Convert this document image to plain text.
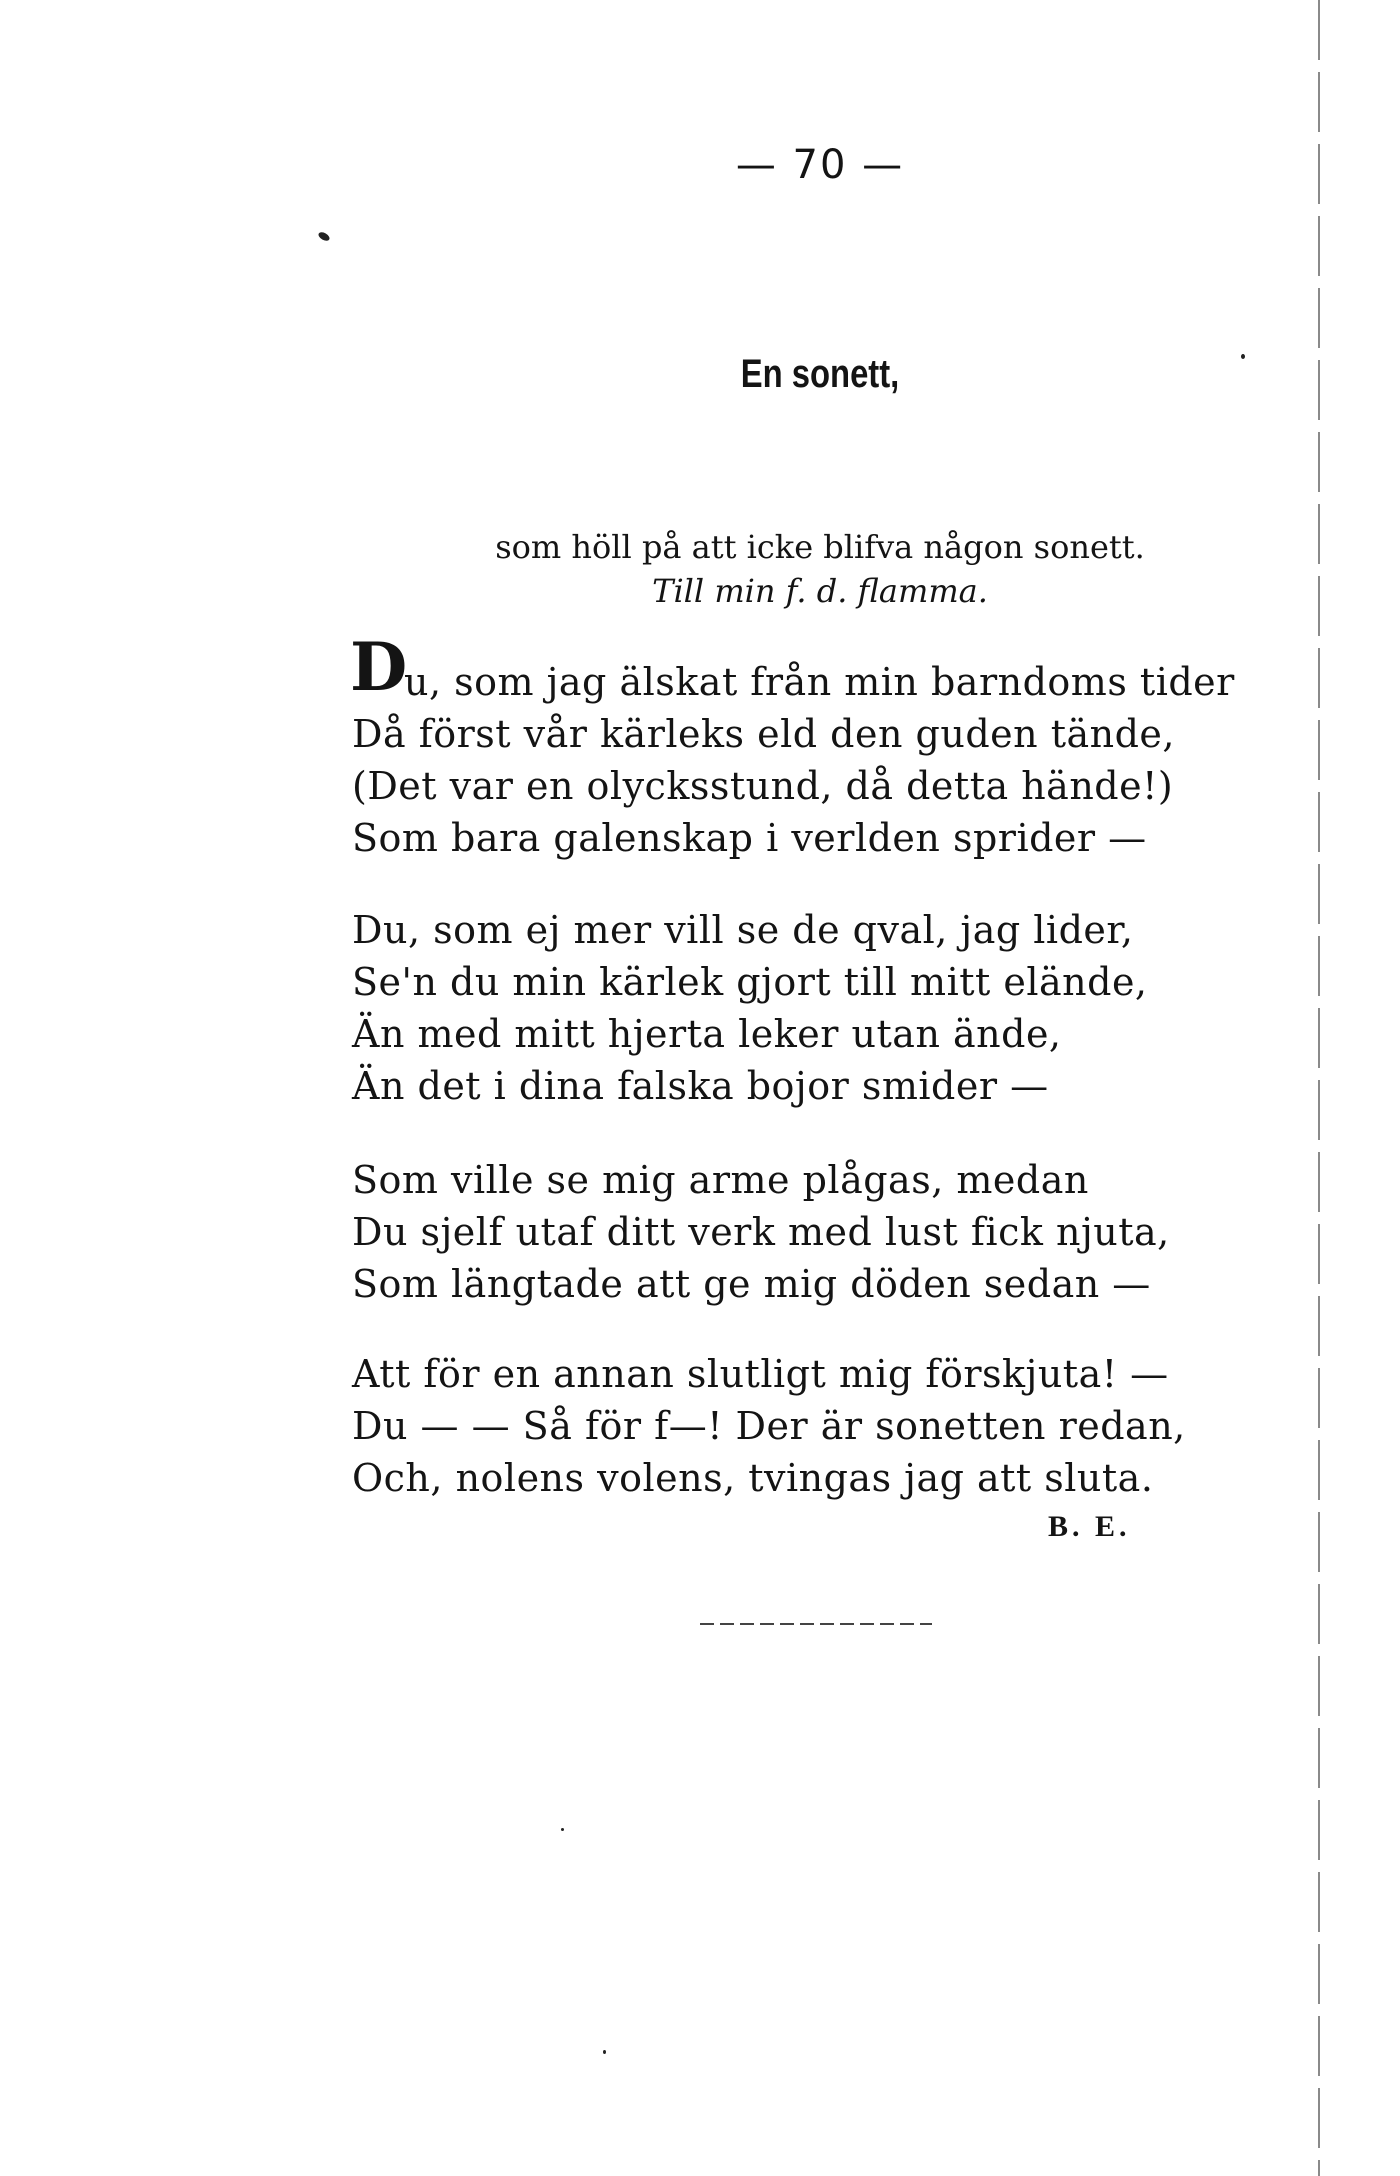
— 70 —
En sonett,
som höll på att icke blifva någon sonett.
Till min f. d. flamma.
D
u, som jag älskat från min barndoms tider
Då först vår kärleks eld den guden tände,
(Det var en olycksstund, då detta hände!)
Som bara galenskap i verlden sprider —
Du, som ej mer vill se de qval, jag lider,
Se'n du min kärlek gjort till mitt elände,
Än med mitt hjerta leker utan ände,
Än det i dina falska bojor smider —
Som ville se mig arme plågas, medan
Du sjelf utaf ditt verk med lust fick njuta,
Som längtade att ge mig döden sedan —
Att för en annan slutligt mig förskjuta! —
Du — — Så för f—! Der är sonetten redan,
Och, nolens volens, tvingas jag att sluta.
B. E.
